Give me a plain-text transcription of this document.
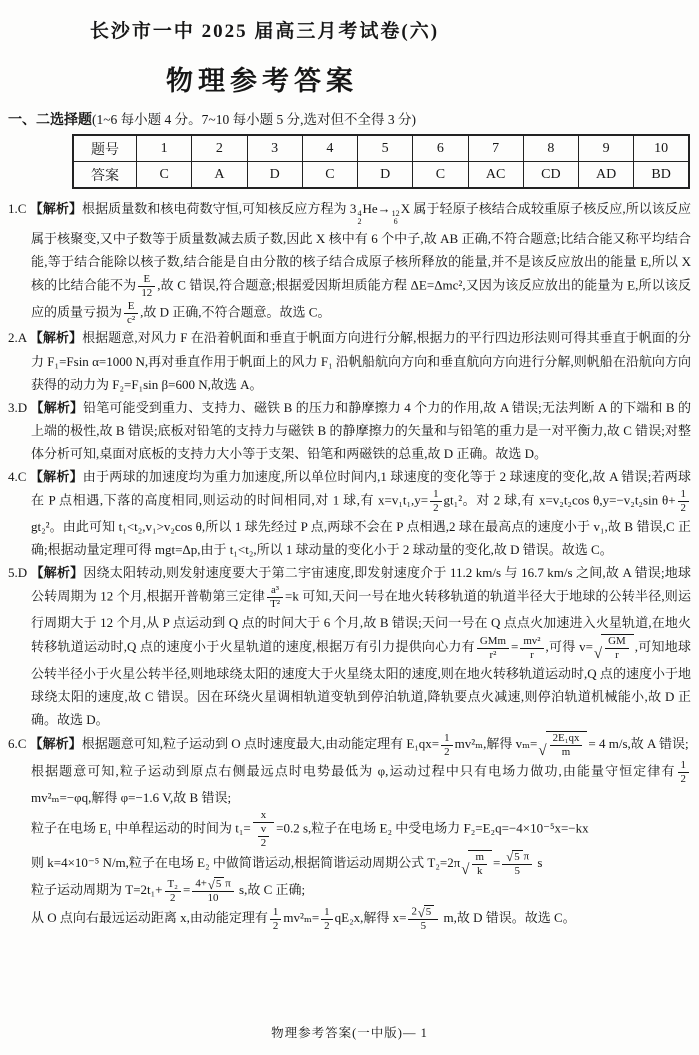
长沙市一中 2025 届高三月考试卷(六)
物理参考答案
一、二选择题(1~6 每小题 4 分。7~10 每小题 5 分,选对但不全得 3 分)
题号	1	2	3	4	5	6	7	8	9	10
答案	C	A	D	C	D	C	AC	CD	AD	BD
1.C 【解析】根据质量数和核电荷数守恒,可知核反应方程为 3 4
2
He→ 12
6
X 属于轻原子核结合成较重原子核反应,所以该反应属于核聚变,又中子数等于质量数减去质子数,因此 X 核中有 6 个中子,故 AB 正确,不符合题意;比结合能又称平均结合能,等于结合能除以核子数,结合能是自由分散的核子结合成原子核所释放的能量,并不是该反应放出的能量 E,所以 X 核的比结合能不为 $\frac{E}{12}$ ,故 C 错误,符合题意;根据爱因斯坦质能方程 ΔE=Δmc²,又因为该反应放出的能量为 E,所以该反应的质量亏损为 $\frac{E}{\text{c²}}$ ,故 D 正确,不符合题意。故选 C。
2.A 【解析】根据题意,对风力 F 在沿着帆面和垂直于帆面方向进行分解,根据力的平行四边形法则可得其垂直于帆面的分力 F₁=Fsin α=1000 N,再对垂直作用于帆面上的风力 F₁ 沿帆船航向方向和垂直航向方向进行分解,则帆船在沿航向方向获得的动力为 F₂=F₁sin β=600 N,故选 A。
3.D 【解析】铅笔可能受到重力、支持力、磁铁 B 的压力和静摩擦力 4 个力的作用,故 A 错误;无法判断 A 的下端和 B 的上端的极性,故 B 错误;底板对铅笔的支持力与磁铁 B 的静摩擦力的矢量和与铅笔的重力是一对平衡力,故 C 错误;对整体分析可知,桌面对底板的支持力大小等于支架、铅笔和两磁铁的总重,故 D 正确。故选 D。
4.C 【解析】由于两球的加速度均为重力加速度,所以单位时间内,1 球速度的变化等于 2 球速度的变化,故 A 错误;若两球在 P 点相遇,下落的高度相同,则运动的时间相同,对 1 球,有 $x=v_1t_1,y= \frac{1}{2} gt_1^2$。对 2 球,有 x=v₂t₂cos θ,y=−v₂t₂sin $\theta+ \frac{1}{2}$
gt₂²。由此可知 t₁<t₂,v₁>v₂cos θ,所以 1 球先经过 P 点,两球不会在 P 点相遇,2 球在最高点的速度小于 v₁,故 B 错误,C 正确;根据动量定理可得 mgt=Δp,由于 t₁<t₂,所以 1 球动量的变化小于 2 球动量的变化,故 D 错误。故选 C。
5.D 【解析】因绕太阳转动,则发射速度要大于第二宇宙速度,即发射速度介于 11.2 km/s 与 16.7 km/s 之间,故 A 错误;地球公转周期为 12 个月,根据开普勒第三定律 $\frac{\text{a³}}{\text{T²}} =k$ 可知,天问一号在地火转移轨道的轨道半径大于地球的公转半径,则运行周期大于 12 个月,从 P 点运动到 Q 点的时间大于 6 个月,故 B 错误;天问一号在 Q 点点火加速进入火星轨道,在地火转移轨道运动时,Q 点的速度小于火星轨道的速度,根据万有引力提供向心力有 $\frac{\text{GMm}}{\text{r²}} = \frac{\text{mv²}}{r}$ ,可得 v= √ $\frac{GM}{r}$ ,可知地球公转半径小于火星公转半径,则地球绕太阳的速度大于火星绕太阳的速度,则在地火转移轨道运动时,Q 点的速度小于地球绕太阳的速度,故 C 错误。因在环绕火星调相轨道变轨到停泊轨道,降轨要点火减速,则停泊轨道机械能小,故 D 正确。故选 D。
6.C 【解析】根据题意可知,粒子运动到 O 点时速度最大,由动能定理有 $E_1qx= \frac{1}{2} mv^2_m$,解得 vₘ= √ $\frac{\text{2E₁qx}}{m} = 4$ m/s,故 A 错误;
根据题意可知,粒子运动到原点右侧最远点时电势最低为 φ,运动过程中只有电场力做功,由能量守恒定律有 $\frac{1}{2}$
mv²ₘ=−φq,解得 φ=−1.6 V,故 B 错误;
粒子在电场 E₁ 中单程运动的时间为 $t_1= \frac{x}{\frac{v}{2}} =0.2$ s,粒子在电场 E₂ 中受电场力 F₂=E₂q=−4×10⁻⁵x=−kx
则 k=4×10⁻⁵ N/m,粒子在电场 E₂ 中做简谐运动,根据简谐运动周期公式 T₂=2π √ $\frac{m}{k} = \frac{√ 5 \pi}{5}$ s
粒子运动周期为 $T=2t_1+ \frac{\text{T₂}}{2} = \frac{4+ √ 5 \pi}{10} s$,故 C 正确;
从 O 点向右最远运动距离 x,由动能定理有 $\frac{1}{2} mv^2_m= \frac{1}{2} qE_2x$,解得 $x= \frac{2 √ 5}{5} m$,故 D 错误。故选 C。
物理参考答案(一中版)— 1
